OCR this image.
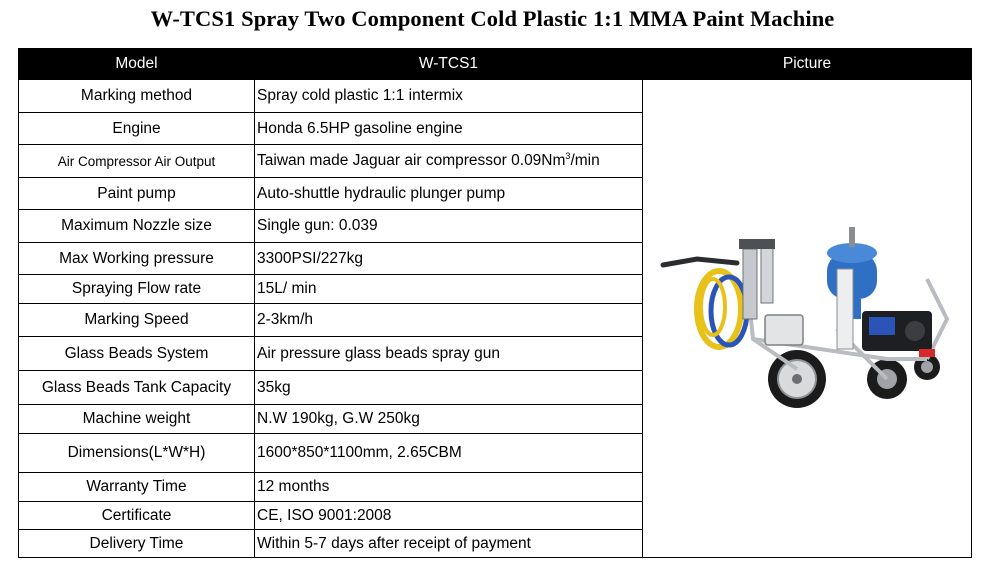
W-TCS1 Spray Two Component Cold Plastic 1:1 MMA Paint Machine
Model	W-TCS1	Picture
Marking method	Spray cold plastic 1:1 intermix	

Engine	Honda 6.5HP gasoline engine	
Air Compressor Air Output	Taiwan made Jaguar air compressor 0.09Nm$^3$/min	
Paint pump	Auto-shuttle hydraulic plunger pump	
Maximum Nozzle size	Single gun: 0.039	
Max Working pressure	3300PSI/227kg	
Spraying Flow rate	15L/ min	
Marking Speed	2-3km/h	
Glass Beads System	Air pressure glass beads spray gun	
Glass Beads Tank Capacity	35kg	
Machine weight	N.W 190kg, G.W 250kg	
Dimensions(L*W*H)	1600*850*1100mm, 2.65CBM	
Warranty Time	12 months	
Certificate	CE, ISO 9001:2008	
Delivery Time	Within 5-7 days after receipt of payment	
